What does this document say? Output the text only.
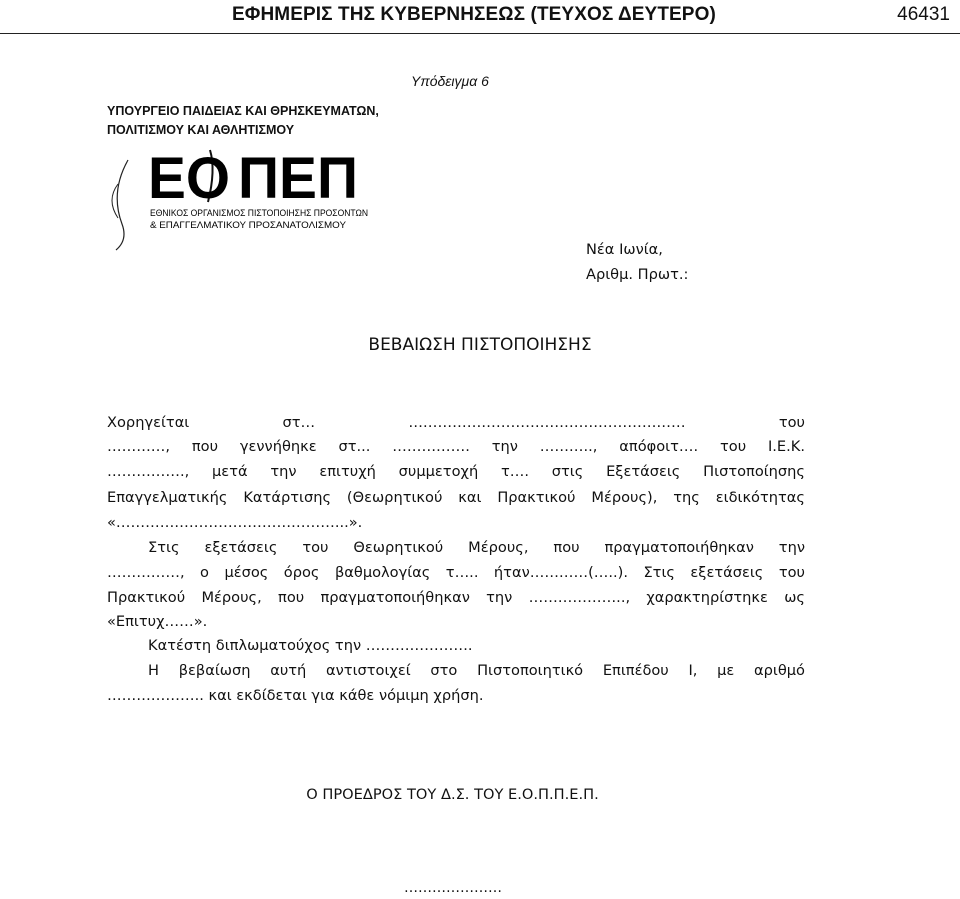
ΕΦΗΜΕΡΙΣ ΤΗΣ ΚΥΒΕΡΝΗΣΕΩΣ (ΤΕΥΧΟΣ ΔΕΥΤΕΡΟ)	46431
Υπόδειγμα 6
ΥΠΟΥΡΓΕΙΟ ΠΑΙΔΕΙΑΣ ΚΑΙ ΘΡΗΣΚΕΥΜΑΤΩΝ,
ΠΟΛΙΤΙΣΜΟΥ ΚΑΙ ΑΘΛΗΤΙΣΜΟΥ
ΕΟ ΠΕΠ
ΕΘΝΙΚΟΣ ΟΡΓΑΝΙΣΜΟΣ ΠΙΣΤΟΠΟΙΗΣΗΣ ΠΡΟΣΟΝΤΩΝ
& ΕΠΑΓΓΕΛΜΑΤΙΚΟΥ ΠΡΟΣΑΝΑΤΟΛΙΣΜΟΥ
Νέα Ιωνία,
Αριθμ. Πρωτ.:
ΒΕΒΑΙΩΣΗ ΠΙΣΤΟΠΟΙΗΣΗΣ
Χορηγείται στ… ………………………………………………… του
…………, που γεννήθηκε στ... ……………. την ……….., απόφοιτ…. του Ι.Ε.Κ.
……………., μετά την επιτυχή συμμετοχή τ…. στις Εξετάσεις Πιστοποίησης
Επαγγελματικής Κατάρτισης (Θεωρητικού και Πρακτικού Μέρους), της ειδικότητας
«………………………………………...».
Στις εξετάσεις του Θεωρητικού Μέρους, που πραγματοποιήθηκαν την
……………, ο μέσος όρος βαθμολογίας τ….. ήταν…………(…..). Στις εξετάσεις του
Πρακτικού Μέρους, που πραγματοποιήθηκαν την ……………….., χαρακτηρίστηκε ως
«Επιτυχ……».
Κατέστη διπλωματούχος την ………………….
Η βεβαίωση αυτή αντιστοιχεί στο Πιστοποιητικό Επιπέδου Ι, με αριθμό
……………….. και εκδίδεται για κάθε νόμιμη χρήση.
Ο ΠΡΟΕΔΡΟΣ ΤΟΥ Δ.Σ. ΤΟΥ Ε.Ο.Π.Π.Ε.Π.
…………………
